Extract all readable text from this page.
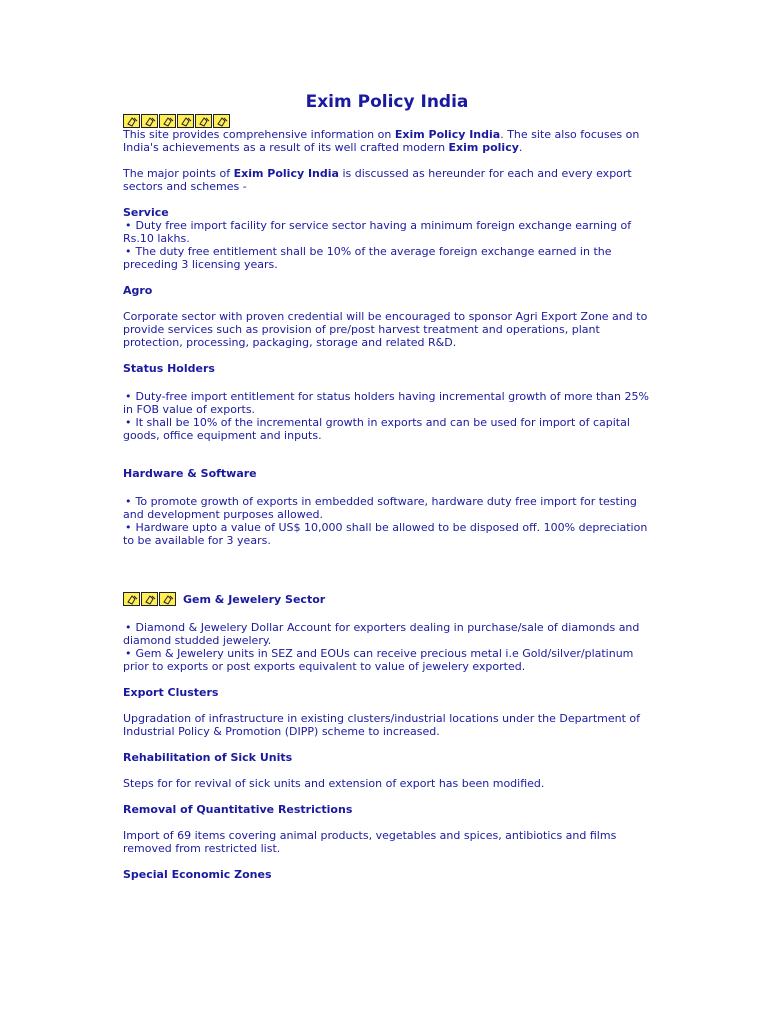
Exim Policy India

This site provides comprehensive information on Exim Policy India. The site also focuses on India's achievements as a result of its well crafted modern Exim policy.

The major points of Exim Policy India is discussed as hereunder for each and every export sectors and schemes -

Service

• Duty free import facility for service sector having a minimum foreign exchange earning of Rs.10 lakhs.

• The duty free entitlement shall be 10% of the average foreign exchange earned in the preceding 3 licensing years.

Agro

Corporate sector with proven credential will be encouraged to sponsor Agri Export Zone and to provide services such as provision of pre/post harvest treatment and operations, plant protection, processing, packaging, storage and related R&D.

Status Holders

• Duty-free import entitlement for status holders having incremental growth of more than 25% in FOB value of exports.

• It shall be 10% of the incremental growth in exports and can be used for import of capital goods, office equipment and inputs.

Hardware & Software

• To promote growth of exports in embedded software, hardware duty free import for testing and development purposes allowed.

• Hardware upto a value of US$ 10,000 shall be allowed to be disposed off. 100% depreciation to be available for 3 years.

Gem & Jewelery Sector

• Diamond & Jewelery Dollar Account for exporters dealing in purchase/sale of diamonds and diamond studded jewelery.

• Gem & Jewelery units in SEZ and EOUs can receive precious metal i.e Gold/silver/platinum prior to exports or post exports equivalent to value of jewelery exported.

Export Clusters

Upgradation of infrastructure in existing clusters/industrial locations under the Department of Industrial Policy & Promotion (DIPP) scheme to increased.

Rehabilitation of Sick Units

Steps for for revival of sick units and extension of export has been modified.

Removal of Quantitative Restrictions

Import of 69 items covering animal products, vegetables and spices, antibiotics and films removed from restricted list.

Special Economic Zones
